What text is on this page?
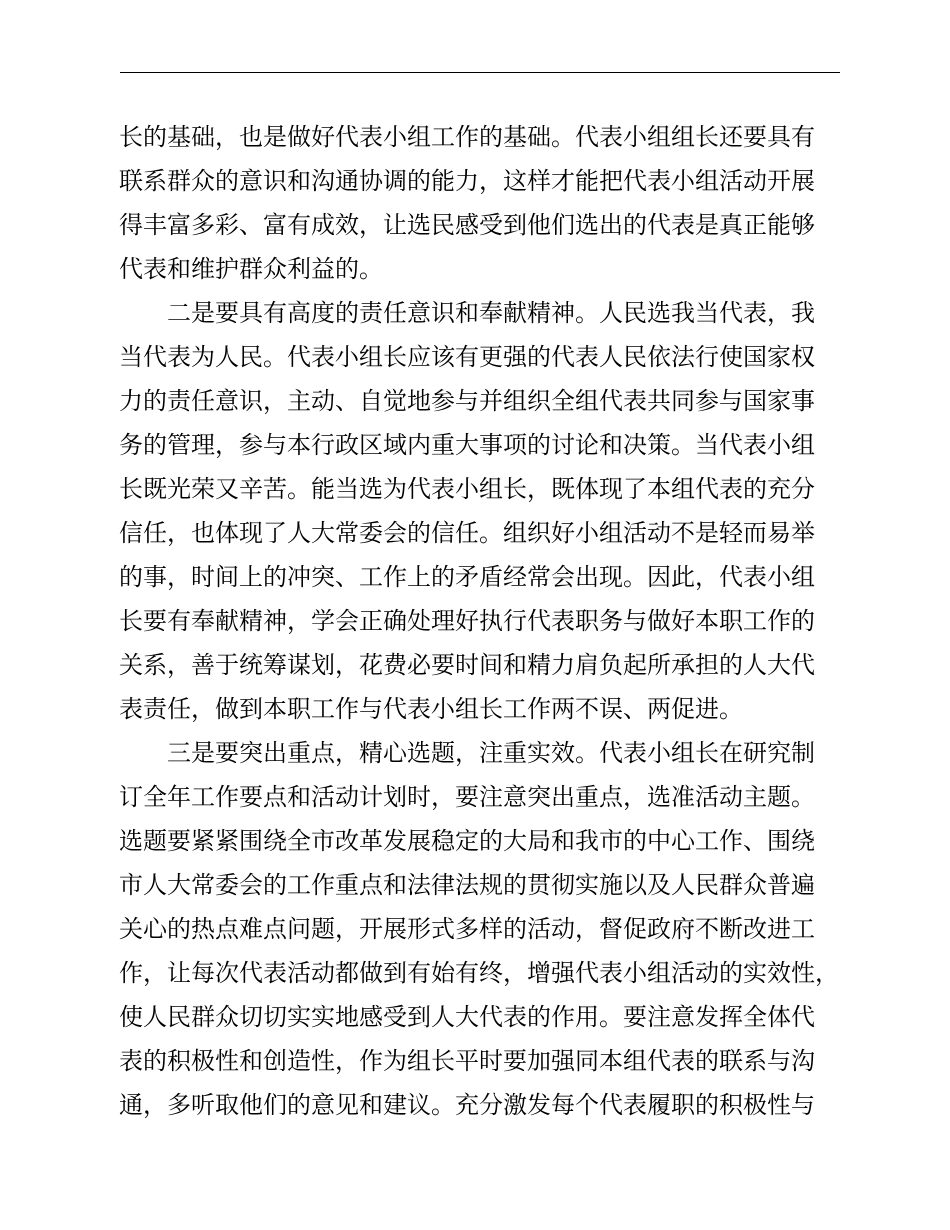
长的基础，也是做好代表小组工作的基础。代表小组组长还要具有
联系群众的意识和沟通协调的能力，这样才能把代表小组活动开展
得丰富多彩、富有成效，让选民感受到他们选出的代表是真正能够
代表和维护群众利益的。
二是要具有高度的责任意识和奉献精神。人民选我当代表，我
当代表为人民。代表小组长应该有更强的代表人民依法行使国家权
力的责任意识，主动、自觉地参与并组织全组代表共同参与国家事
务的管理，参与本行政区域内重大事项的讨论和决策。当代表小组
长既光荣又辛苦。能当选为代表小组长，既体现了本组代表的充分
信任，也体现了人大常委会的信任。组织好小组活动不是轻而易举
的事，时间上的冲突、工作上的矛盾经常会出现。因此，代表小组
长要有奉献精神，学会正确处理好执行代表职务与做好本职工作的
关系，善于统筹谋划，花费必要时间和精力肩负起所承担的人大代
表责任，做到本职工作与代表小组长工作两不误、两促进。
三是要突出重点，精心选题，注重实效。代表小组长在研究制
订全年工作要点和活动计划时，要注意突出重点，选准活动主题。
选题要紧紧围绕全市改革发展稳定的大局和我市的中心工作、围绕
市人大常委会的工作重点和法律法规的贯彻实施以及人民群众普遍
关心的热点难点问题，开展形式多样的活动，督促政府不断改进工
作，让每次代表活动都做到有始有终，增强代表小组活动的实效性，
使人民群众切切实实地感受到人大代表的作用。要注意发挥全体代
表的积极性和创造性，作为组长平时要加强同本组代表的联系与沟
通，多听取他们的意见和建议。充分激发每个代表履职的积极性与
